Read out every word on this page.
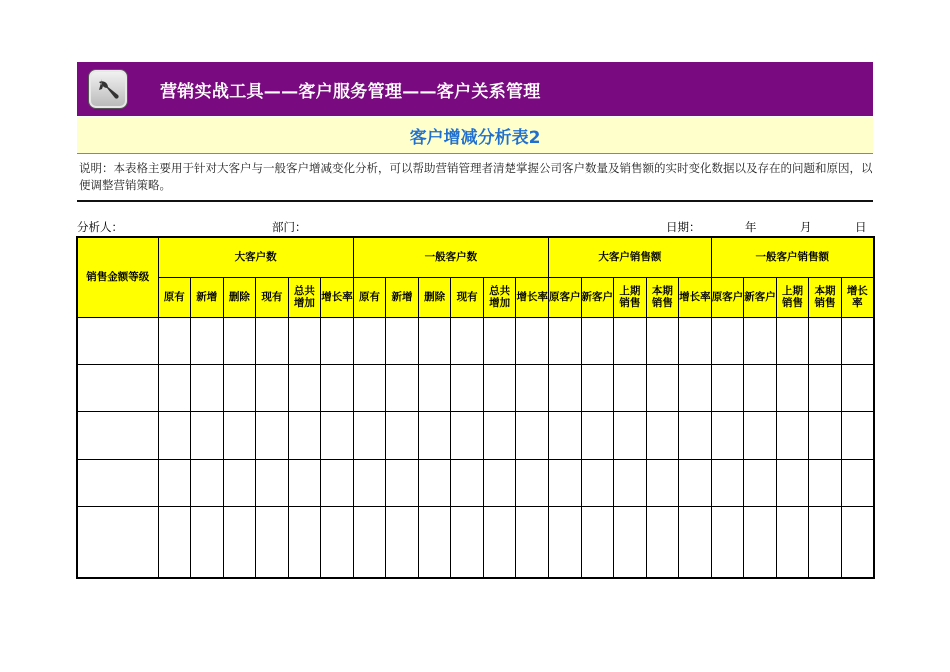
营销实战工具——客户服务管理——客户关系管理
客户增减分析表2
说明：本表格主要用于针对大客户与一般客户增减变化分析，可以帮助营销管理者清楚掌握公司客户数量及销售额的实时变化数据以及存在的问题和原因，以便调整营销策略。
分析人：	部门：	日期：	年	月	日
销售金额等级	大客户数						一般客户数						大客户销售额					一般客户销售额				
	原有	新增	删除	现有	总共增加	增长率	原有	新增	删除	现有	总共增加	增长率	原客户	新客户	上期销售	本期销售	增长率	原客户	新客户	上期销售	本期销售	增长率
